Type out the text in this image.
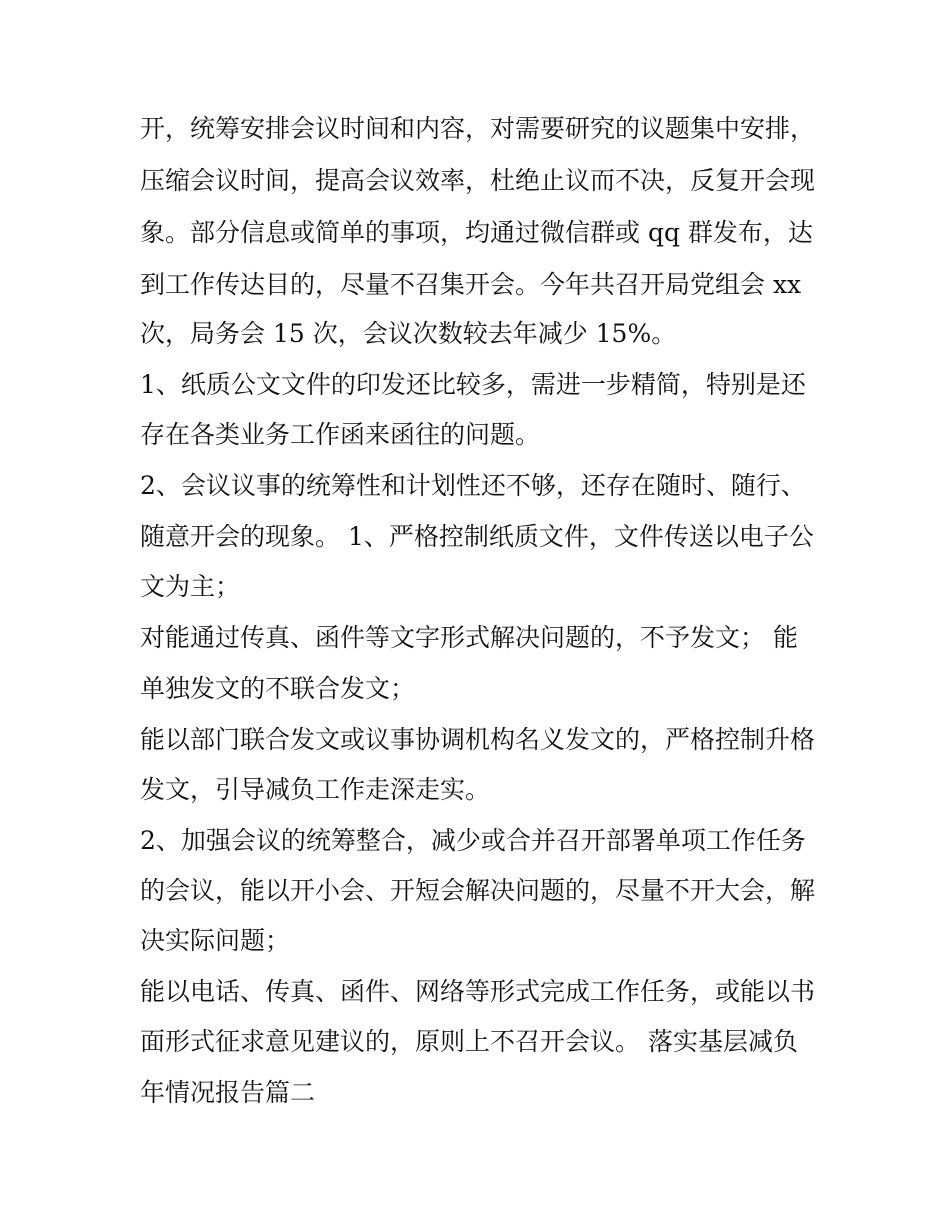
开，统筹安排会议时间和内容，对需要研究的议题集中安排，
压缩会议时间，提高会议效率，杜绝止议而不决，反复开会现
象。部分信息或简单的事项，均通过微信群或 qq 群发布，达
到工作传达目的，尽量不召集开会。今年共召开局党组会 xx
次，局务会 15 次，会议次数较去年减少 15%。
1、纸质公文文件的印发还比较多，需进一步精简，特别是还
存在各类业务工作函来函往的问题。
2、会议议事的统筹性和计划性还不够，还存在随时、随行、
随意开会的现象。 1、严格控制纸质文件，文件传送以电子公
文为主；
对能通过传真、函件等文字形式解决问题的，不予发文； 能
单独发文的不联合发文；
能以部门联合发文或议事协调机构名义发文的，严格控制升格
发文，引导减负工作走深走实。
2、加强会议的统筹整合，减少或合并召开部署单项工作任务
的会议，能以开小会、开短会解决问题的，尽量不开大会，解
决实际问题；
能以电话、传真、函件、网络等形式完成工作任务，或能以书
面形式征求意见建议的，原则上不召开会议。 落实基层减负
年情况报告篇二
